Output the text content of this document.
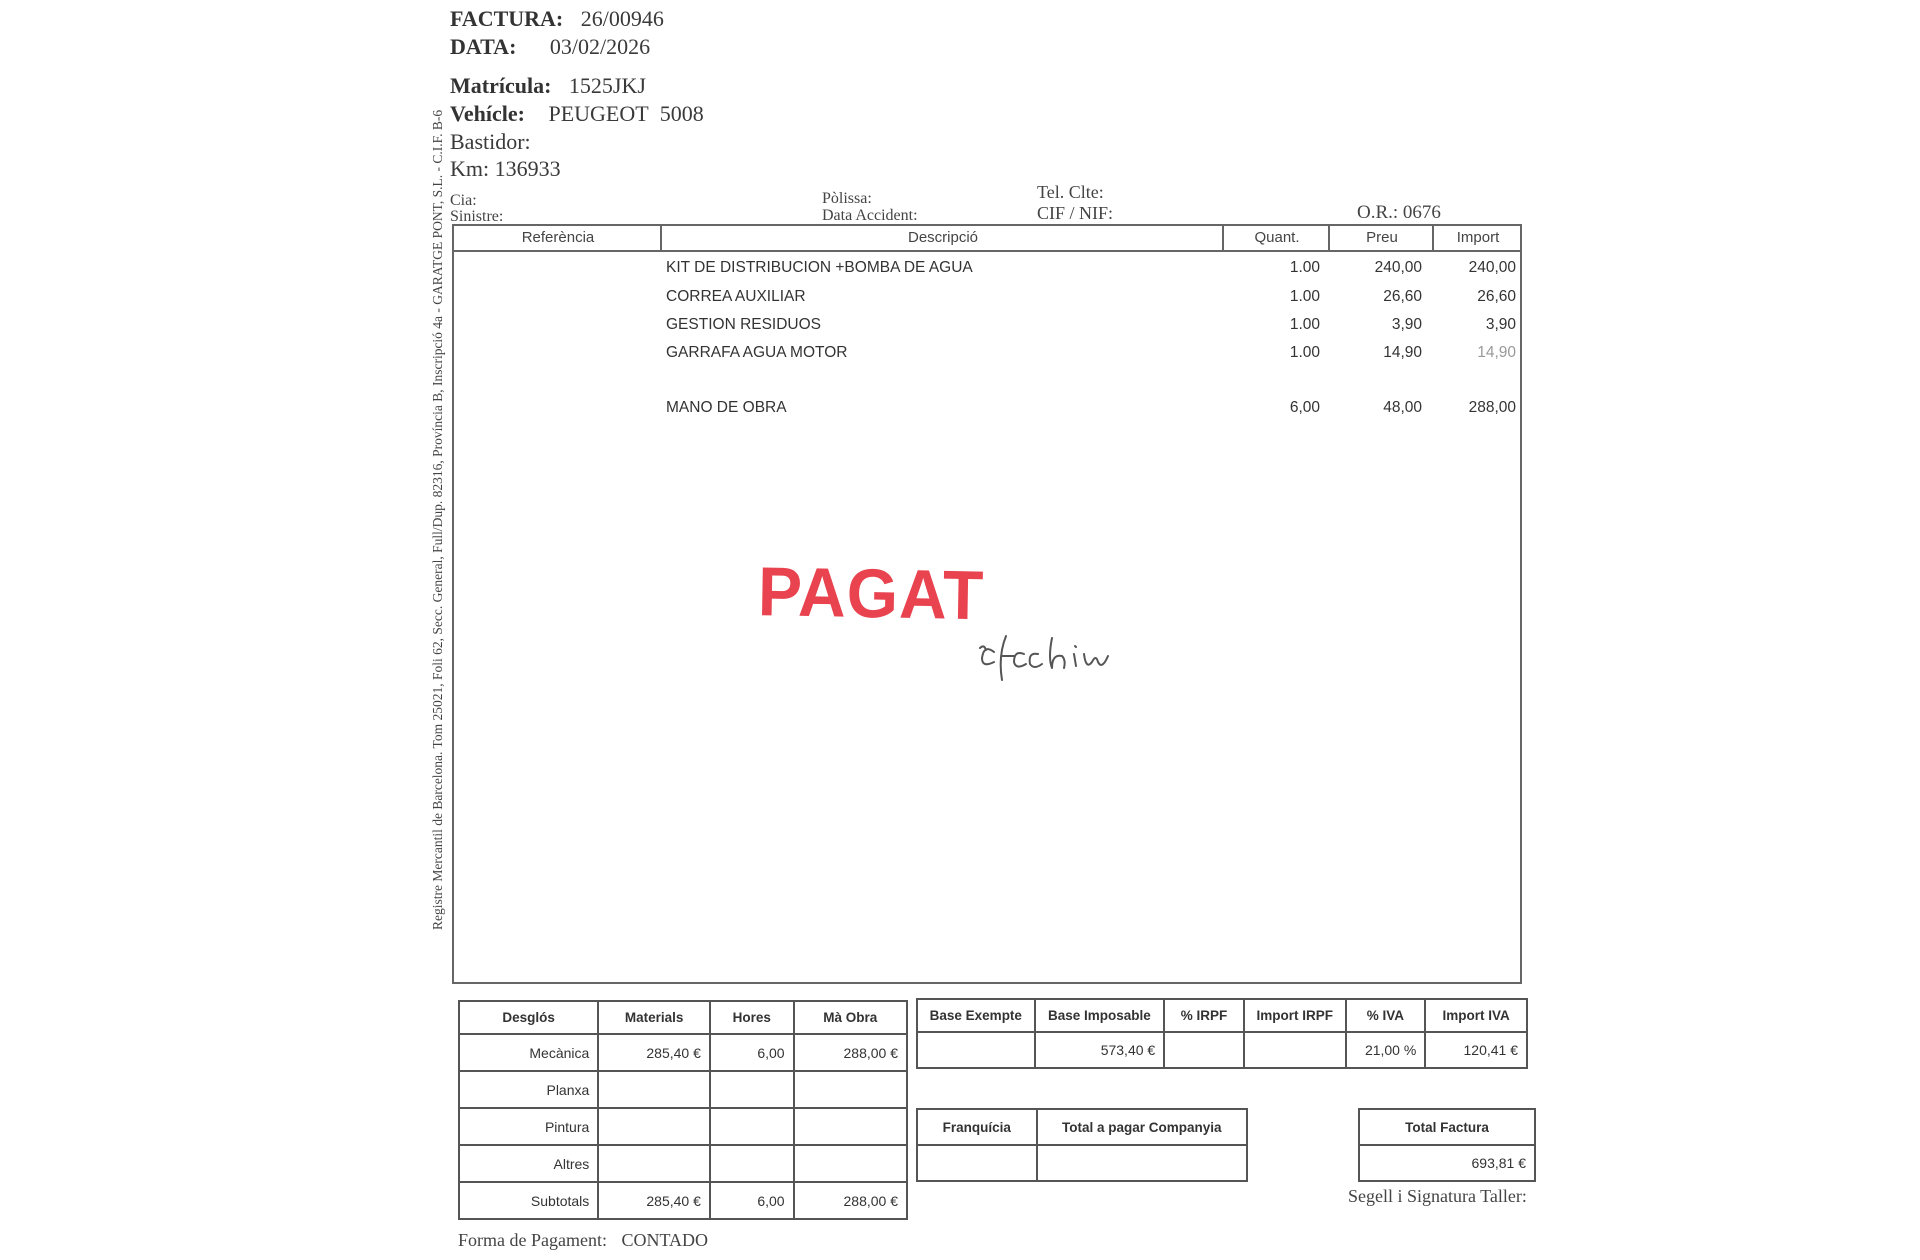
Registre Mercantil de Barcelona. Tom 25021, Foli 62, Secc. General, Full/Dup. 82316, Província B, Inscripció 4a - GARATGE PONT, S.L. - C.I.F. B-6
FACTURA: 26/00946
DATA: 03/02/2026
Matrícula: 1525JKJ
Vehícle: PEUGEOT 5008
Bastidor:
Km: 136933
Cia:
Sinistre:
Pòlissa:
Data Accident:
Tel. Clte:
CIF / NIF:	O.R.: 0676
Referència	Descripció	Quant.	Preu	Import
KIT DE DISTRIBUCION +BOMBA DE AGUA	1.00	240,00	240,00
CORREA AUXILIAR	1.00	26,60	26,60
GESTION RESIDUOS	1.00	3,90	3,90
GARRAFA AGUA MOTOR	1.00	14,90	14,90
MANO DE OBRA	6,00	48,00	288,00
PAGAT
Desglós	Materials	Hores	Mà Obra
Mecànica	285,40 €	6,00	288,00 €
Planxa			
Pintura			
Altres			
Subtotals	285,40 €	6,00	288,00 €
Base Exempte	Base Imposable	% IRPF	Import IRPF	% IVA	Import IVA
	573,40 €			21,00 %	120,41 €
Franquícia	Total a pagar Companyia
		Total Factura
693,81 €
Segell i Signatura Taller:
Forma de Pagament: CONTADO
